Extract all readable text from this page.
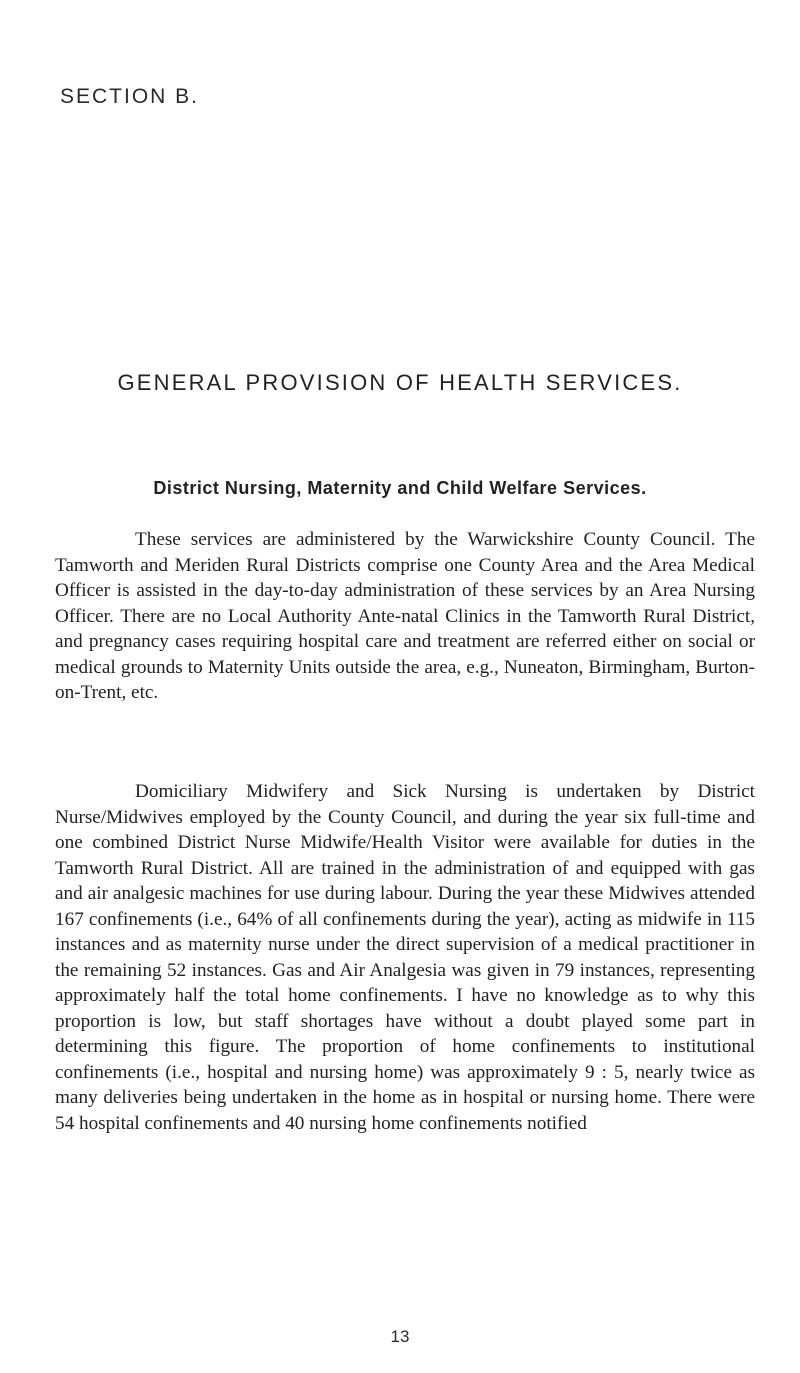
SECTION B.
GENERAL PROVISION OF HEALTH SERVICES.
District Nursing, Maternity and Child Welfare Services.

These services are administered by the Warwickshire County Council. The Tamworth and Meriden Rural Districts comprise one County Area and the Area Medical Officer is assisted in the day-to-day administration of these services by an Area Nursing Officer. There are no Local Authority Ante-natal Clinics in the Tamworth Rural District, and pregnancy cases requiring hospital care and treatment are referred either on social or medical grounds to Maternity Units outside the area, e.g., Nuneaton, Birmingham, Burton-on-Trent, etc.

Domiciliary Midwifery and Sick Nursing is undertaken by District Nurse/Midwives employed by the County Council, and during the year six full-time and one combined District Nurse Midwife/Health Visitor were available for duties in the Tamworth Rural District. All are trained in the administration of and equipped with gas and air analgesic machines for use during labour. During the year these Midwives attended 167 confinements (i.e., 64% of all confinements during the year), acting as midwife in 115 instances and as maternity nurse under the direct supervision of a medical practitioner in the remaining 52 instances. Gas and Air Analgesia was given in 79 instances, representing approximately half the total home confinements. I have no knowledge as to why this proportion is low, but staff shortages have without a doubt played some part in determining this figure. The proportion of home confinements to institutional confinements (i.e., hospital and nursing home) was approximately 9 : 5, nearly twice as many deliveries being undertaken in the home as in hospital or nursing home. There were 54 hospital confinements and 40 nursing home confinements notified

13
